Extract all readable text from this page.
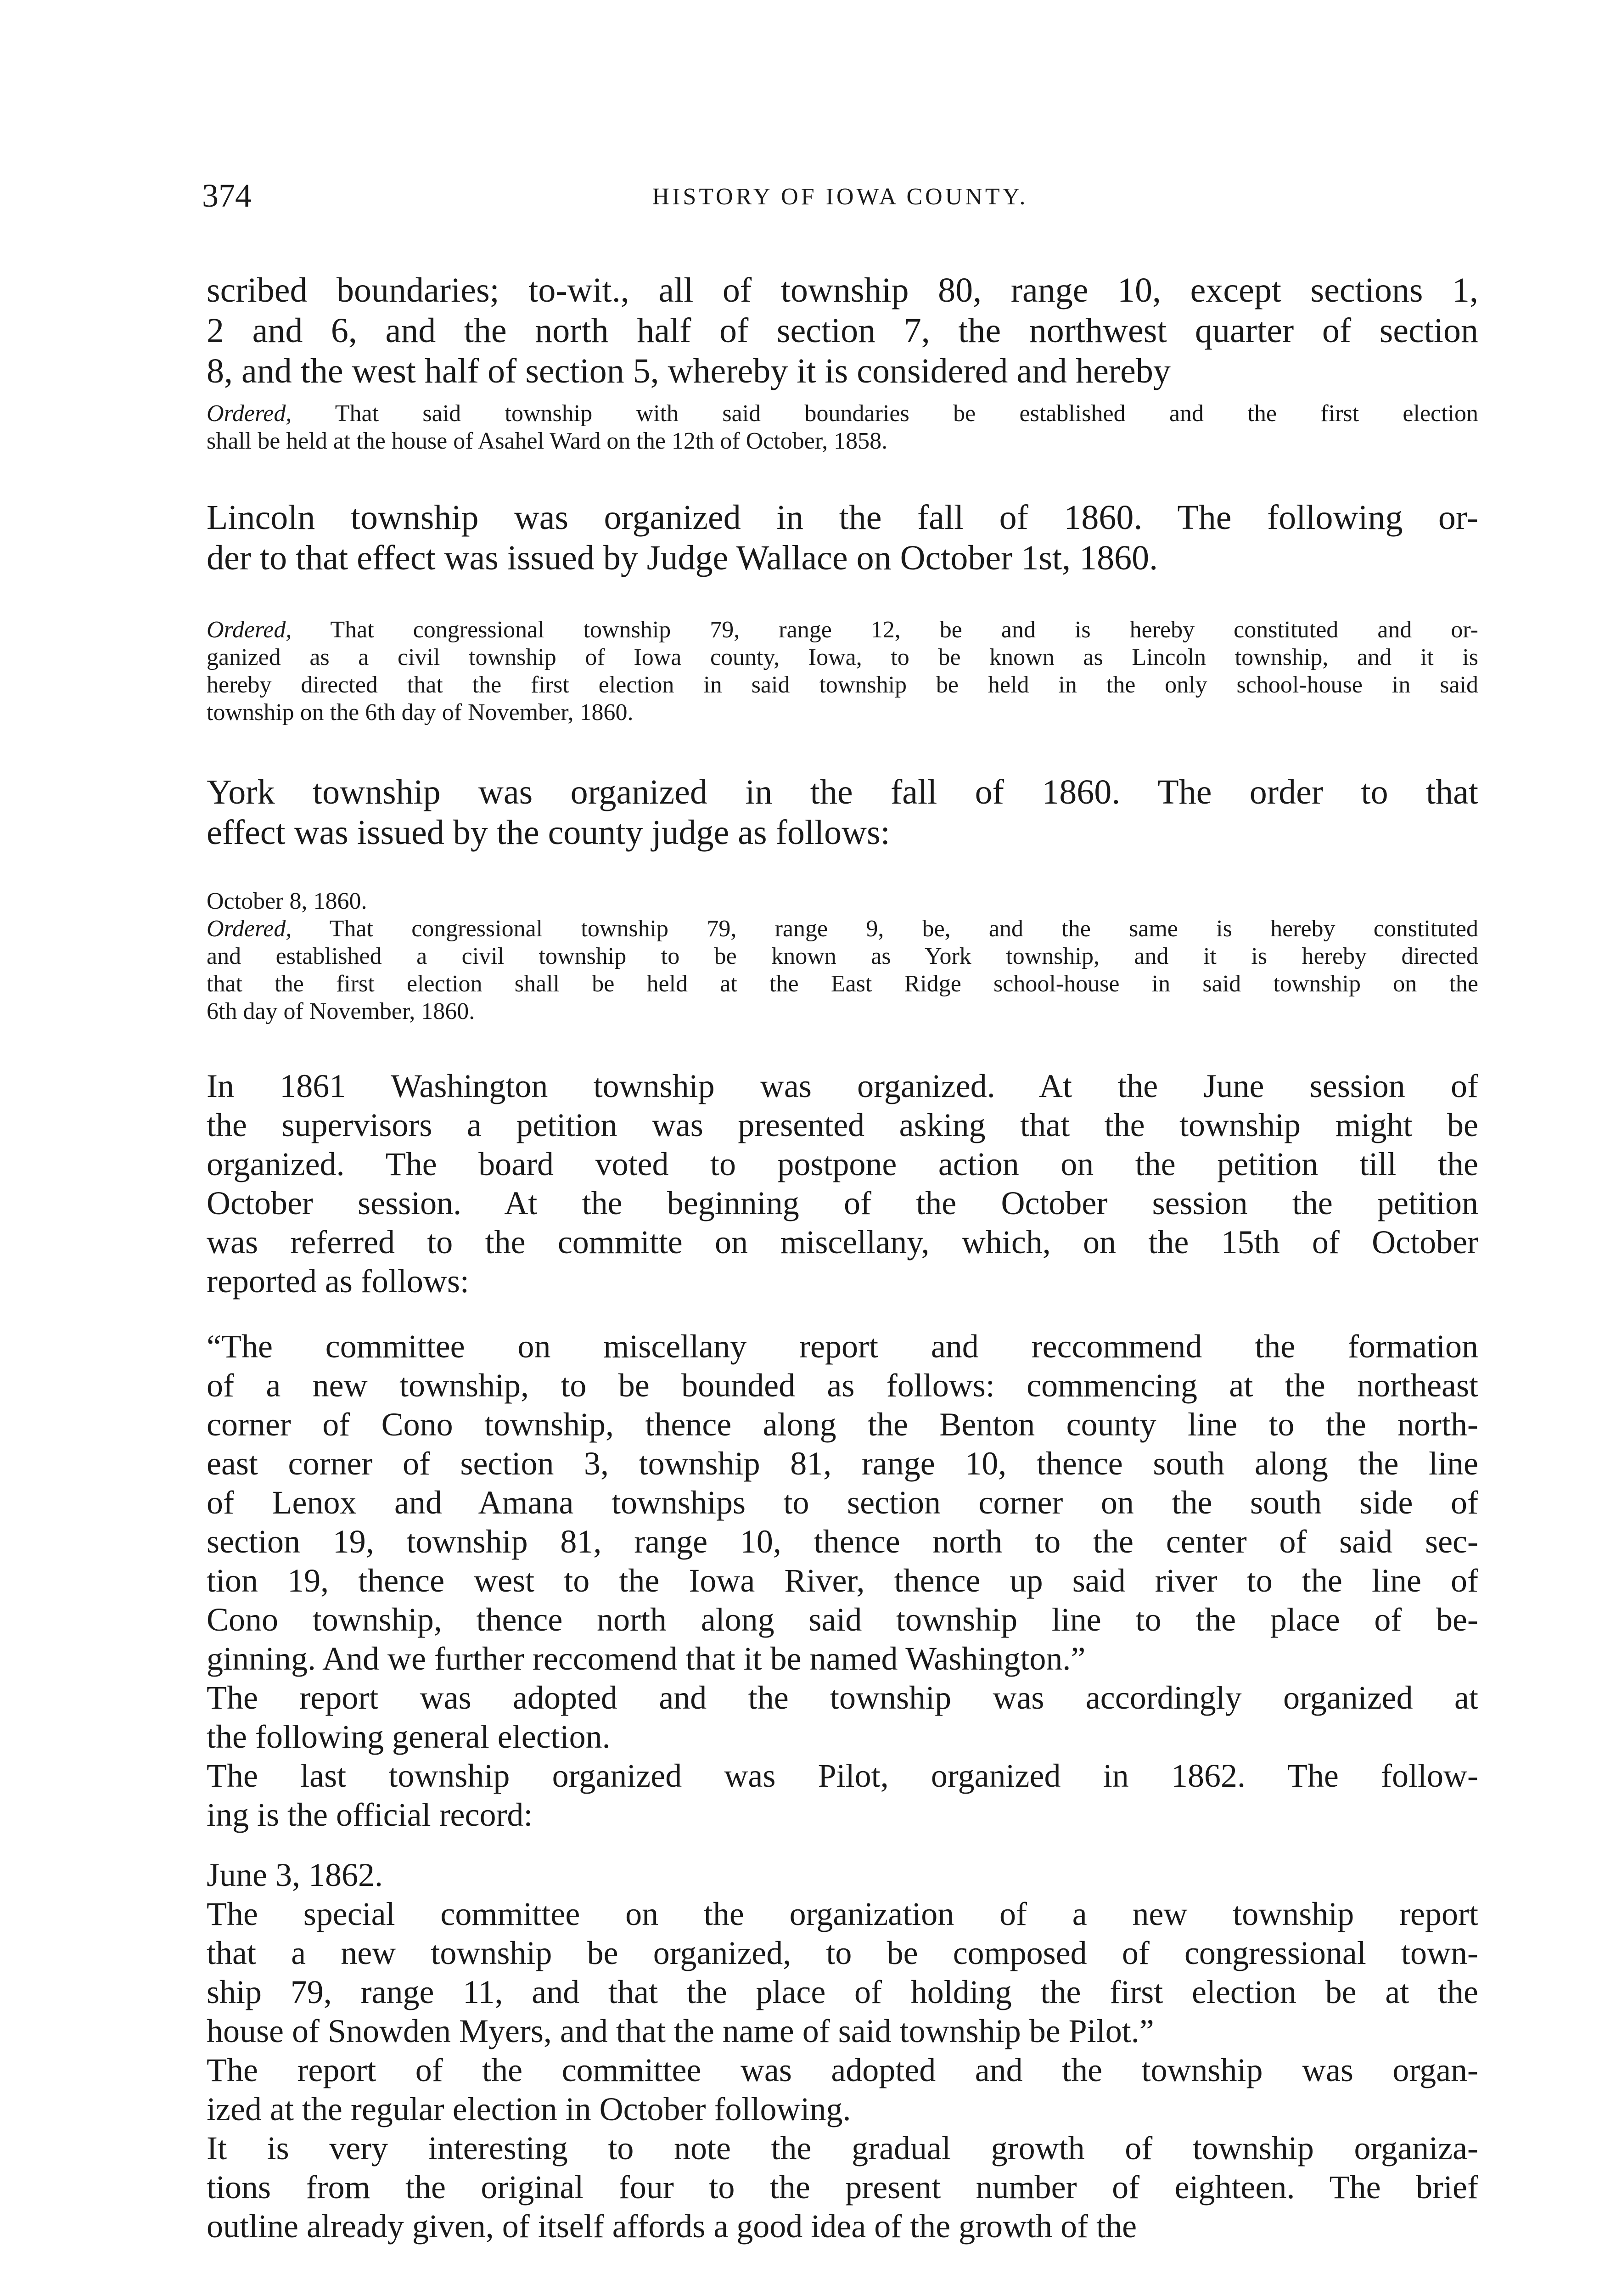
374	HISTORY OF IOWA COUNTY.
scribed boundaries; to-wit., all of township 80, range 10, except sections 1,
2 and 6, and the north half of section 7, the northwest quarter of section
8, and the west half of section 5, whereby it is considered and hereby
Ordered, That said township with said boundaries be established and the first election
shall be held at the house of Asahel Ward on the 12th of October, 1858.
Lincoln township was organized in the fall of 1860. The following or-
der to that effect was issued by Judge Wallace on October 1st, 1860.
Ordered, That congressional township 79, range 12, be and is hereby constituted and or-
ganized as a civil township of Iowa county, Iowa, to be known as Lincoln township, and it is
hereby directed that the first election in said township be held in the only school-house in said
township on the 6th day of November, 1860.
York township was organized in the fall of 1860. The order to that
effect was issued by the county judge as follows:
October 8, 1860.
Ordered, That congressional township 79, range 9, be, and the same is hereby constituted
and established a civil township to be known as York township, and it is hereby directed
that the first election shall be held at the East Ridge school-house in said township on the
6th day of November, 1860.
In 1861 Washington township was organized. At the June session of
the supervisors a petition was presented asking that the township might be
organized. The board voted to postpone action on the petition till the
October session. At the beginning of the October session the petition
was referred to the committe on miscellany, which, on the 15th of October
reported as follows:
“The committee on miscellany report and reccommend the formation
of a new township, to be bounded as follows: commencing at the northeast
corner of Cono township, thence along the Benton county line to the north-
east corner of section 3, township 81, range 10, thence south along the line
of Lenox and Amana townships to section corner on the south side of
section 19, township 81, range 10, thence north to the center of said sec-
tion 19, thence west to the Iowa River, thence up said river to the line of
Cono township, thence north along said township line to the place of be-
ginning. And we further reccomend that it be named Washington.”
The report was adopted and the township was accordingly organized at
the following general election.
The last township organized was Pilot, organized in 1862. The follow-
ing is the official record:
June 3, 1862.
The special committee on the organization of a new township report
that a new township be organized, to be composed of congressional town-
ship 79, range 11, and that the place of holding the first election be at the
house of Snowden Myers, and that the name of said township be Pilot.”
The report of the committee was adopted and the township was organ-
ized at the regular election in October following.
It is very interesting to note the gradual growth of township organiza-
tions from the original four to the present number of eighteen. The brief
outline already given, of itself affords a good idea of the growth of the
